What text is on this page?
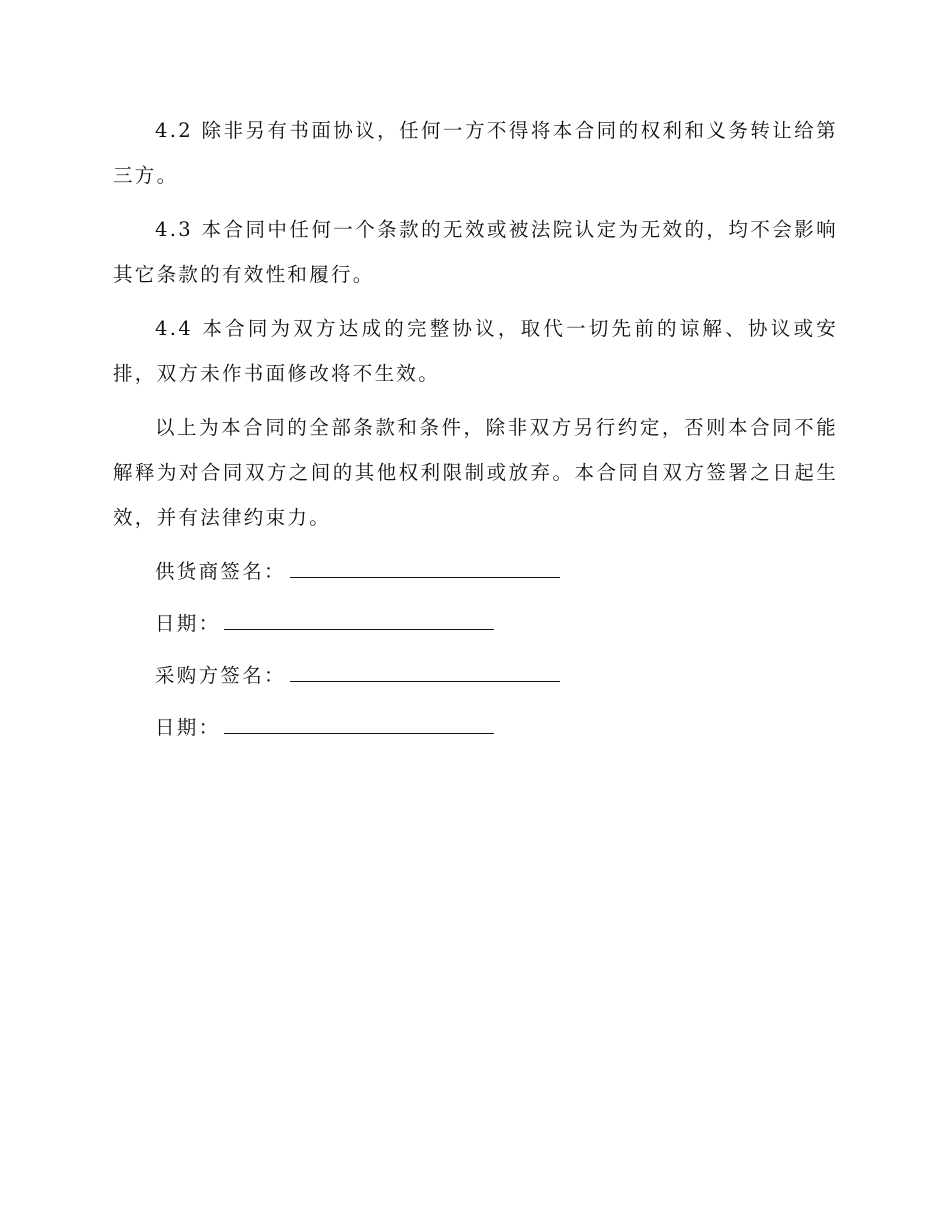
4.2 除非另有书面协议，任何一方不得将本合同的权利和义务转让给第三方。

4.3 本合同中任何一个条款的无效或被法院认定为无效的，均不会影响其它条款的有效性和履行。

4.4 本合同为双方达成的完整协议，取代一切先前的谅解、协议或安排，双方未作书面修改将不生效。

以上为本合同的全部条款和条件，除非双方另行约定，否则本合同不能解释为对合同双方之间的其他权利限制或放弃。本合同自双方签署之日起生效，并有法律约束力。

供货商签名：
日期：
采购方签名：
日期：
